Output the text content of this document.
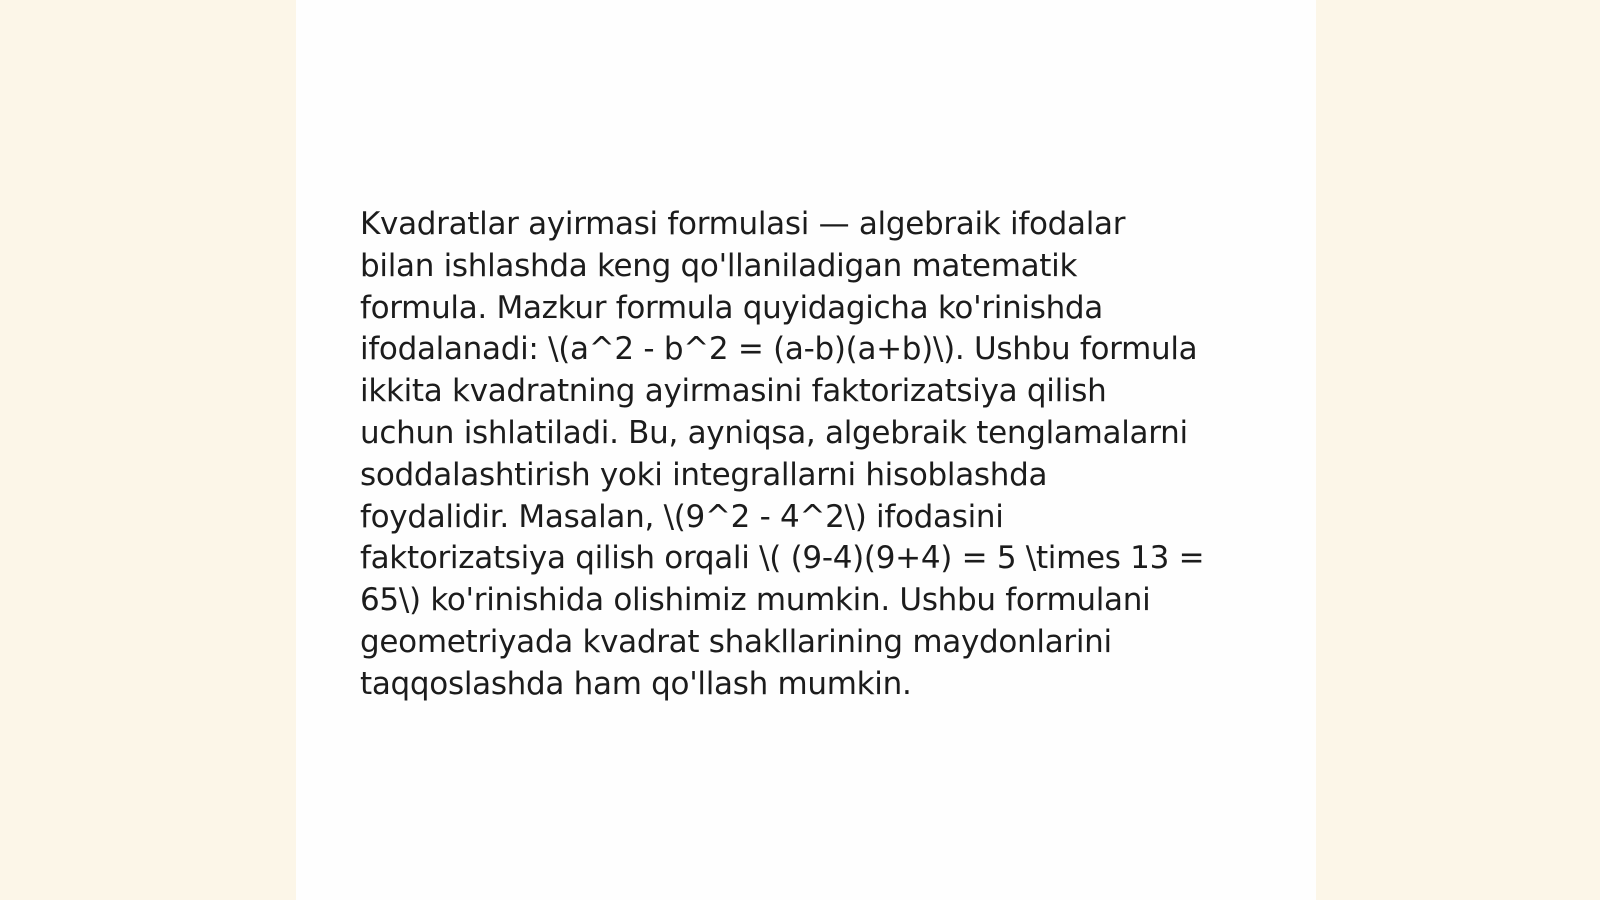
Kvadratlar ayirmasi formulasi — algebraik ifodalar
bilan ishlashda keng qo'llaniladigan matematik
formula. Mazkur formula quyidagicha ko'rinishda
ifodalanadi: \(a^2 - b^2 = (a-b)(a+b)\). Ushbu formula
ikkita kvadratning ayirmasini faktorizatsiya qilish
uchun ishlatiladi. Bu, ayniqsa, algebraik tenglamalarni
soddalashtirish yoki integrallarni hisoblashda
foydalidir. Masalan, \(9^2 - 4^2\) ifodasini
faktorizatsiya qilish orqali \( (9-4)(9+4) = 5 \times 13 =
65\) ko'rinishida olishimiz mumkin. Ushbu formulani
geometriyada kvadrat shakllarining maydonlarini
taqqoslashda ham qo'llash mumkin.
